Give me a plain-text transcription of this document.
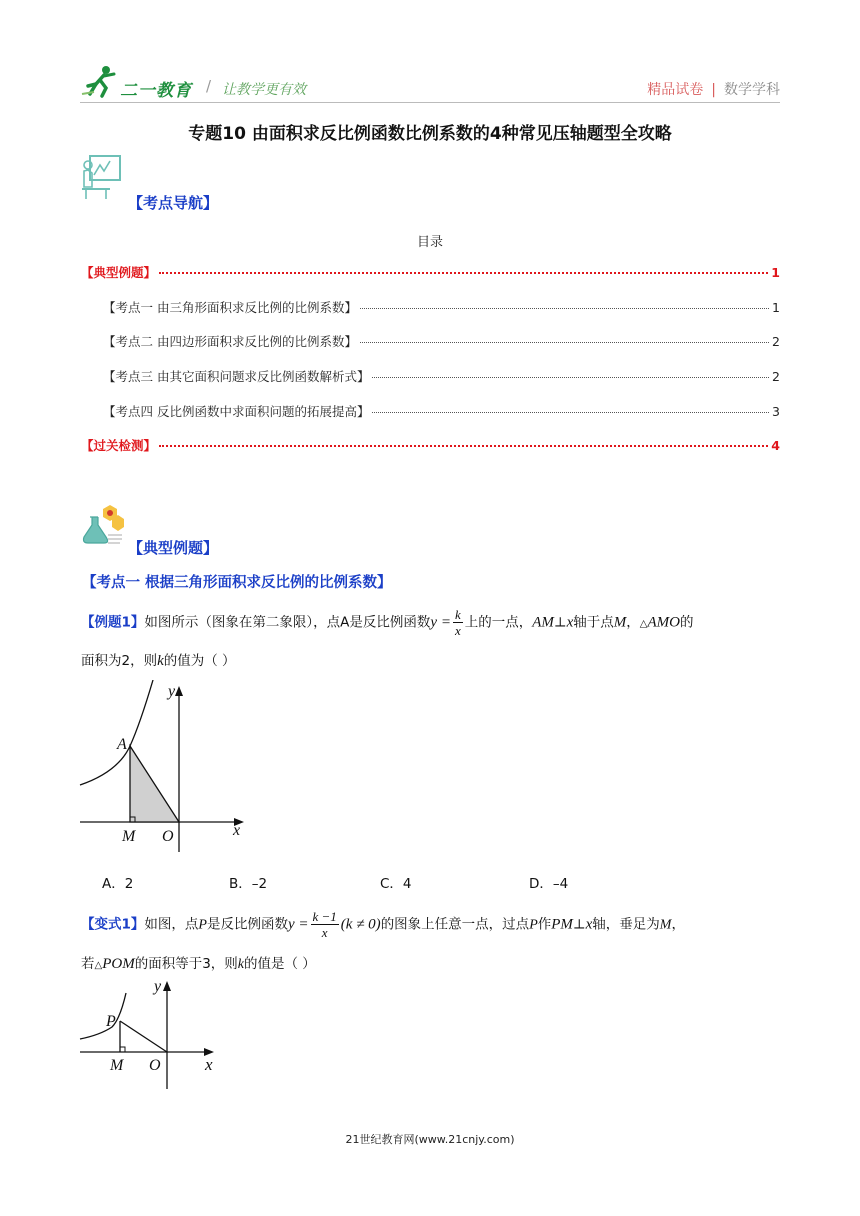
二一教育 / 让教学更有效	精品试卷 | 数学学科
专题10 由面积求反比例函数比例系数的4种常见压轴题型全攻略
【考点导航】
目录
【典型例题】	1
【考点一 由三角形面积求反比例的比例系数】	1
【考点二 由四边形面积求反比例的比例系数】	2
【考点三 由其它面积问题求反比例函数解析式】	2
【考点四 反比例函数中求面积问题的拓展提高】	3
【过关检测】	4
【典型例题】
【考点一 根据三角形面积求反比例的比例系数】
【例题1】如图所示（图象在第二象限），点A是反比例函数$y = \frac{k}{x}$ 上的一点，AM⊥x轴于点M，△AMO的
面积为2，则k的值为（ ）
A
M O	x
y
A．2	B．–2	C．4	D．–4
【变式1】如图，点P是反比例函数$y = \frac{k -1}{x} (k \ne 0)$的图象上任意一点，过点P作PM⊥x轴，垂足为M，
若△POM的面积等于3，则k的值是（ ）
P
M O	x
y
21世纪教育网(www.21cnjy.com)
